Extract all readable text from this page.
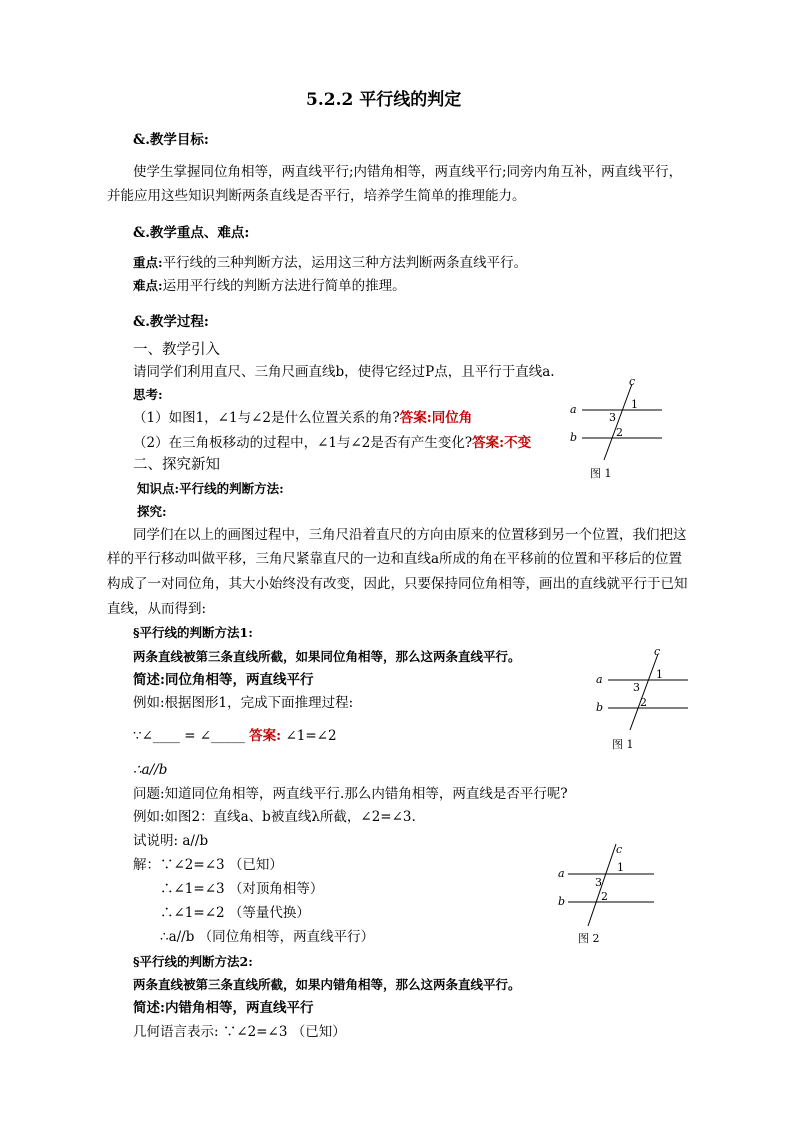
5.2.2 平行线的判定
&.教学目标:
使学生掌握同位角相等，两直线平行;内错角相等，两直线平行;同旁内角互补，两直线平行，
并能应用这些知识判断两条直线是否平行，培养学生简单的推理能力。
&.教学重点、难点:
重点:平行线的三种判断方法，运用这三种方法判断两条直线平行。
难点:运用平行线的判断方法进行简单的推理。
&.教学过程:
一、教学引入
请同学们利用直尺、三角尺画直线b，使得它经过P点，且平行于直线a.
思考:
（1）如图1，∠1与∠2是什么位置关系的角?答案:同位角
（2）在三角板移动的过程中，∠1与∠2是否有产生变化?答案:不变
二、探究新知
知识点:平行线的判断方法:
探究:
同学们在以上的画图过程中，三角尺沿着直尺的方向由原来的位置移到另一个位置，我们把这
样的平行移动叫做平移，三角尺紧靠直尺的一边和直线a所成的角在平移前的位置和平移后的位置
构成了一对同位角，其大小始终没有改变，因此，只要保持同位角相等，画出的直线就平行于已知
直线，从而得到:
§平行线的判断方法1:
两条直线被第三条直线所截，如果同位角相等，那么这两条直线平行。
简述:同位角相等，两直线平行
例如:根据图形1，完成下面推理过程:
∵∠____ = ∠_____ 答案: ∠1=∠2
∴a//b
问题:知道同位角相等，两直线平行.那么内错角相等，两直线是否平行呢?
例如:如图2：直线a、b被直线λ所截，∠2=∠3.
试说明: a//b
解：∵∠2=∠3 （已知）
∴∠1=∠3 （对顶角相等）
∴∠1=∠2 （等量代换）
∴a//b （同位角相等，两直线平行）
§平行线的判断方法2:
两条直线被第三条直线所截，如果内错角相等，那么这两条直线平行。
简述:内错角相等，两直线平行
几何语言表示: ∵∠2=∠3 （已知）
a
b
c
1
3
2
图 1
a
b
c
1
3
2
图 1
a
b
c
1
3
2
图 2
